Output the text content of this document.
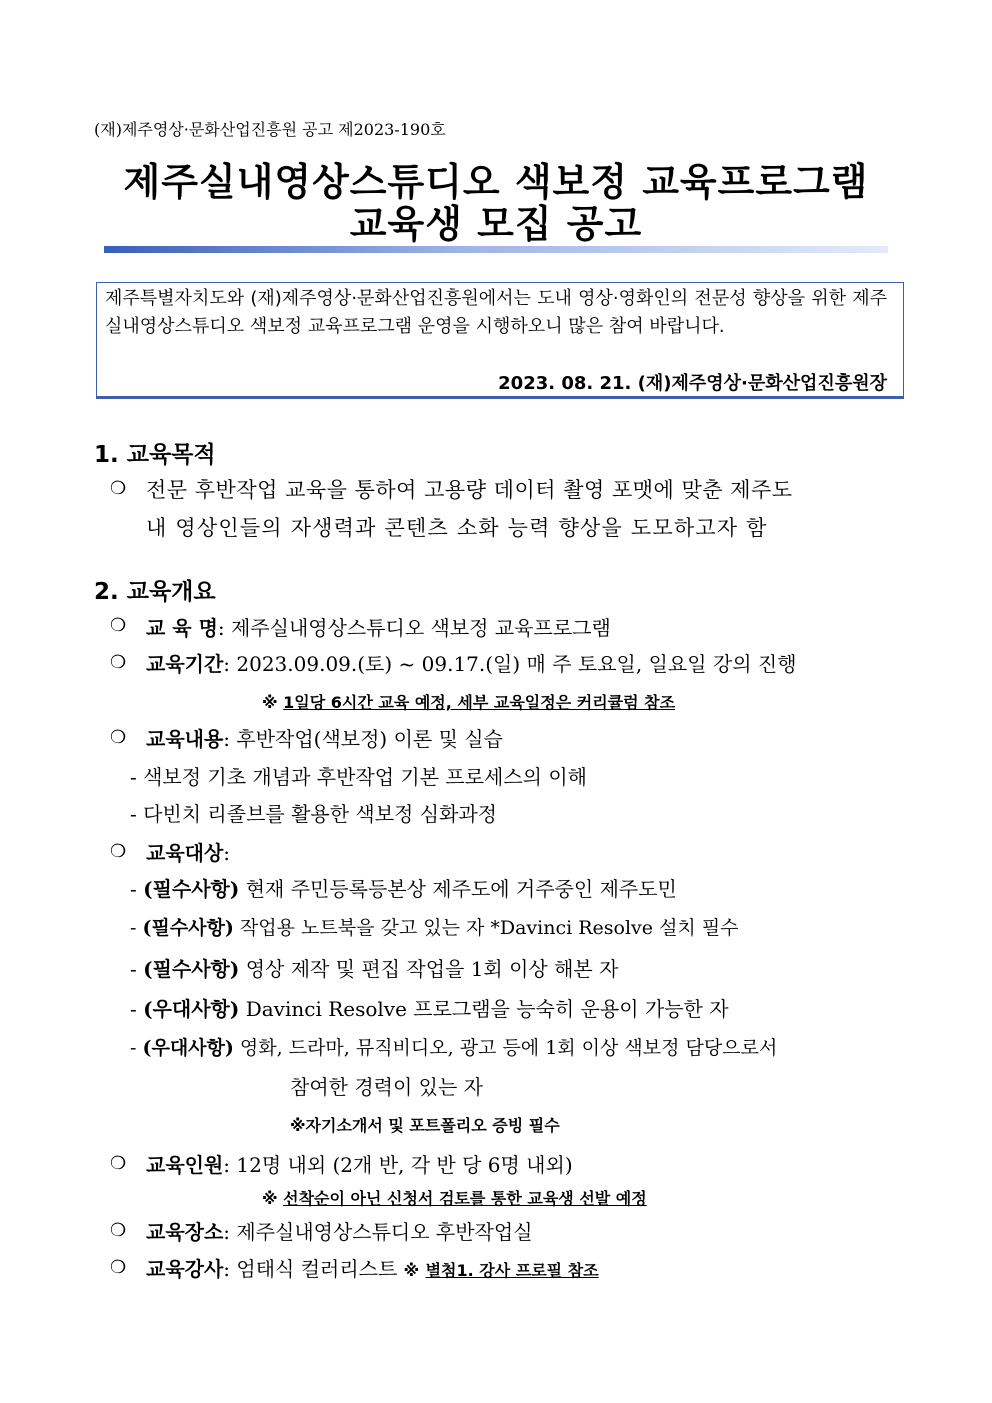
(재)제주영상·문화산업진흥원 공고 제2023-190호
제주실내영상스튜디오 색보정 교육프로그램
교육생 모집 공고
제주특별자치도와 (재)제주영상·문화산업진흥원에서는 도내 영상·영화인의 전문성 향상을 위한 제주실내영상스튜디오 색보정 교육프로그램 운영을 시행하오니 많은 참여 바랍니다.
2023. 08. 21. (재)제주영상·문화산업진흥원장
1. 교육목적
❍ 전문 후반작업 교육을 통하여 고용량 데이터 촬영 포맷에 맞춘 제주도
내 영상인들의 자생력과 콘텐츠 소화 능력 향상을 도모하고자 함
2. 교육개요
❍ 교 육 명: 제주실내영상스튜디오 색보정 교육프로그램
❍ 교육기간: 2023.09.09.(토) ~ 09.17.(일) 매 주 토요일, 일요일 강의 진행
※ 1일당 6시간 교육 예정, 세부 교육일정은 커리큘럼 참조
❍ 교육내용: 후반작업(색보정) 이론 및 실습
- 색보정 기초 개념과 후반작업 기본 프로세스의 이해
- 다빈치 리졸브를 활용한 색보정 심화과정
❍ 교육대상:
- (필수사항) 현재 주민등록등본상 제주도에 거주중인 제주도민
- (필수사항) 작업용 노트북을 갖고 있는 자 *Davinci Resolve 설치 필수
- (필수사항) 영상 제작 및 편집 작업을 1회 이상 해본 자
- (우대사항) Davinci Resolve 프로그램을 능숙히 운용이 가능한 자
- (우대사항) 영화, 드라마, 뮤직비디오, 광고 등에 1회 이상 색보정 담당으로서
참여한 경력이 있는 자
※자기소개서 및 포트폴리오 증빙 필수
❍ 교육인원: 12명 내외 (2개 반, 각 반 당 6명 내외)
※ 선착순이 아닌 신청서 검토를 통한 교육생 선발 예정
❍ 교육장소: 제주실내영상스튜디오 후반작업실
❍ 교육강사: 엄태식 컬러리스트 ※ 별첨1. 강사 프로필 참조
